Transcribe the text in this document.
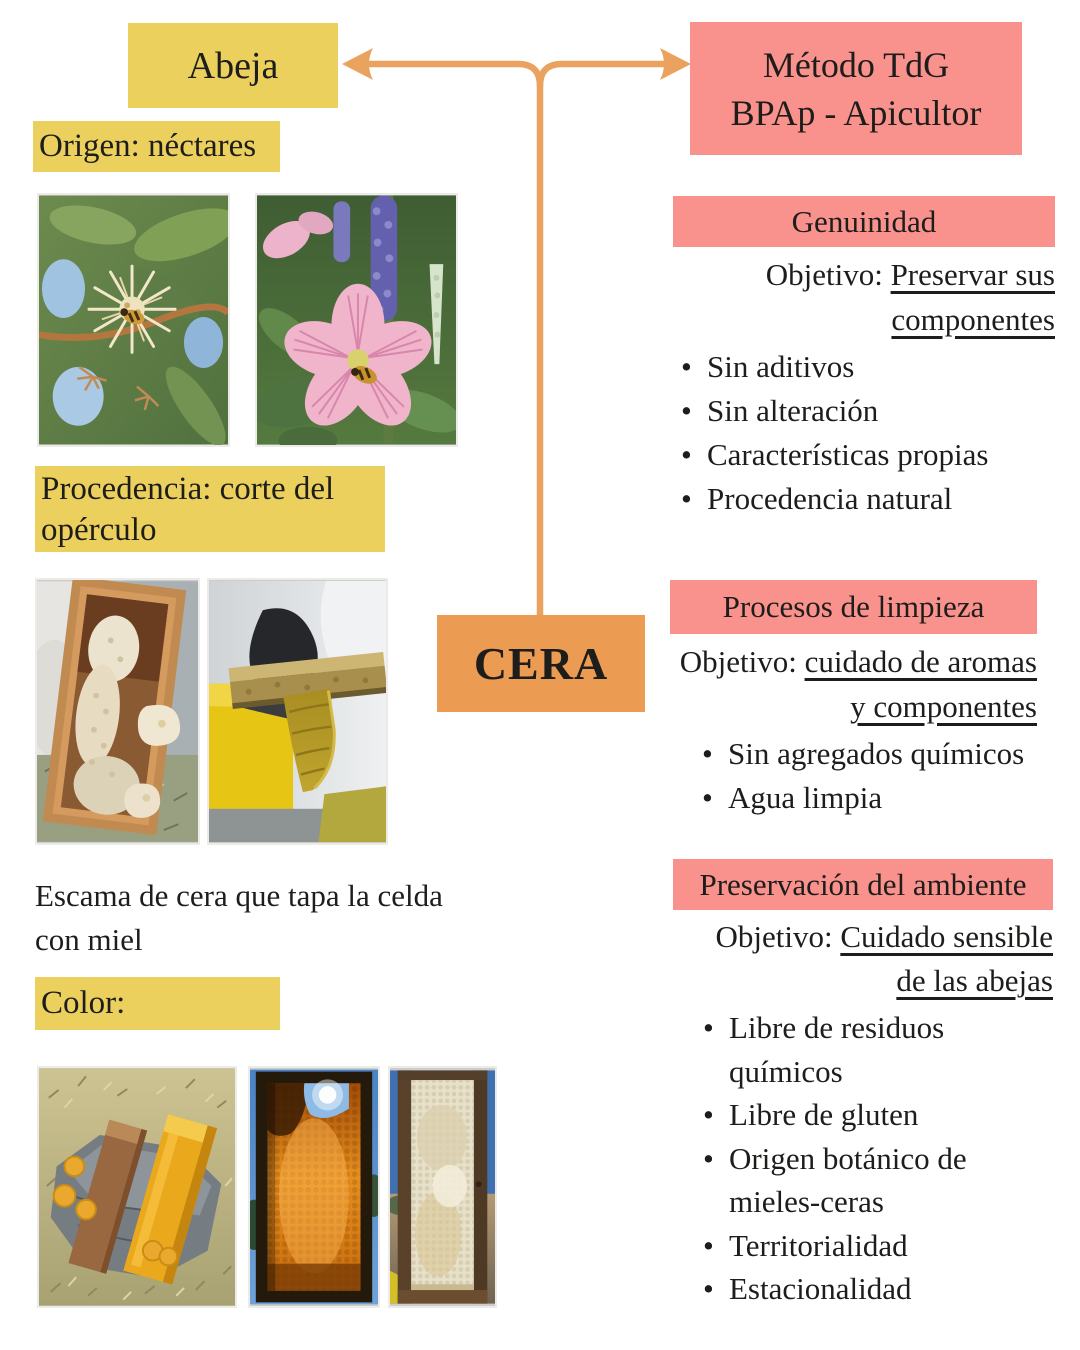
Abeja	Método TdG
BPAp - Apicultor
CERA
Origen: néctares
Procedencia: corte del opérculo
Escama de cera que tapa la celda con miel
Color:
Genuinidad
Objetivo: Preservar sus
componentes
• Sin aditivos
• Sin alteración
• Características propias
• Procedencia natural
Procesos de limpieza
Objetivo: cuidado de aromas
y componentes
• Sin agregados químicos
• Agua limpia
Preservación del ambiente
Objetivo: Cuidado sensible
de las abejas
• Libre de residuos químicos
• Libre de gluten
• Origen botánico de mieles-ceras
• Territorialidad
• Estacionalidad
